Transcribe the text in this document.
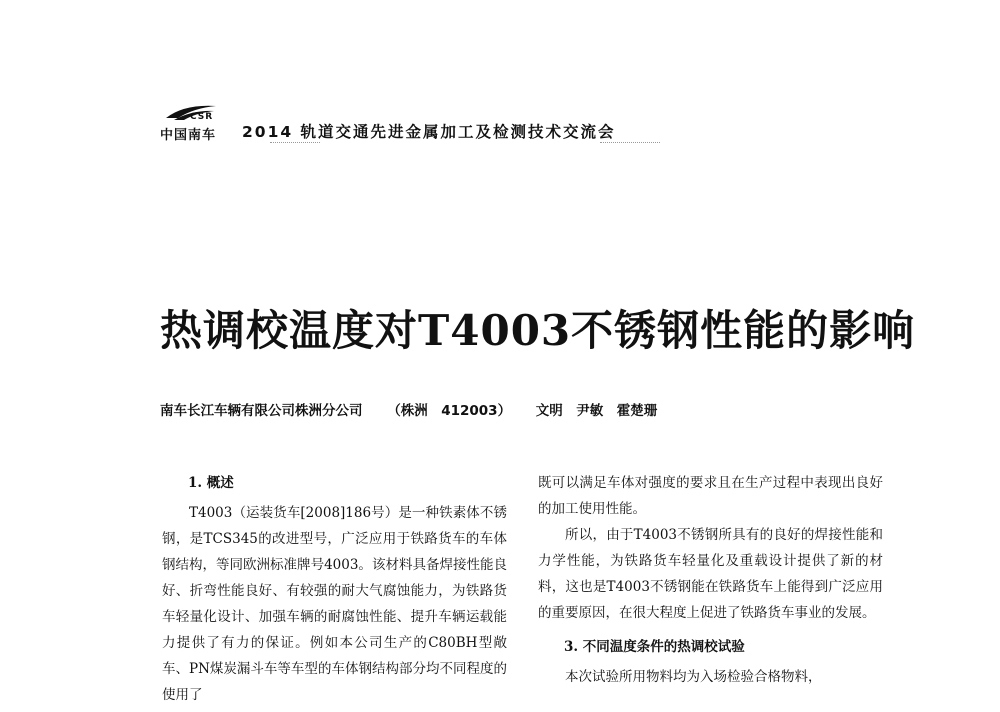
CSR
中国南车 2014 轨道交通先进金属加工及检测技术交流会
热调校温度对T4003不锈钢性能的影响
南车长江车辆有限公司株洲分公司 （株洲　412003） 文明　尹敏　霍楚珊
1. 概述

T4003（运装货车[2008]186号）是一种铁素体不锈钢，是TCS345的改进型号，广泛应用于铁路货车的车体钢结构，等同欧洲标准牌号4003。该材料具备焊接性能良好、折弯性能良好、有较强的耐大气腐蚀能力，为铁路货车轻量化设计、加强车辆的耐腐蚀性能、提升车辆运载能力提供了有力的保证。例如本公司生产的C80BH型敞车、PN煤炭漏斗车等车型的车体钢结构部分均不同程度的使用了

既可以满足车体对强度的要求且在生产过程中表现出良好的加工使用性能。

所以，由于T4003不锈钢所具有的良好的焊接性能和力学性能，为铁路货车轻量化及重载设计提供了新的材料，这也是T4003不锈钢能在铁路货车上能得到广泛应用的重要原因，在很大程度上促进了铁路货车事业的发展。

3. 不同温度条件的热调校试验

本次试验所用物料均为入场检验合格物料，
